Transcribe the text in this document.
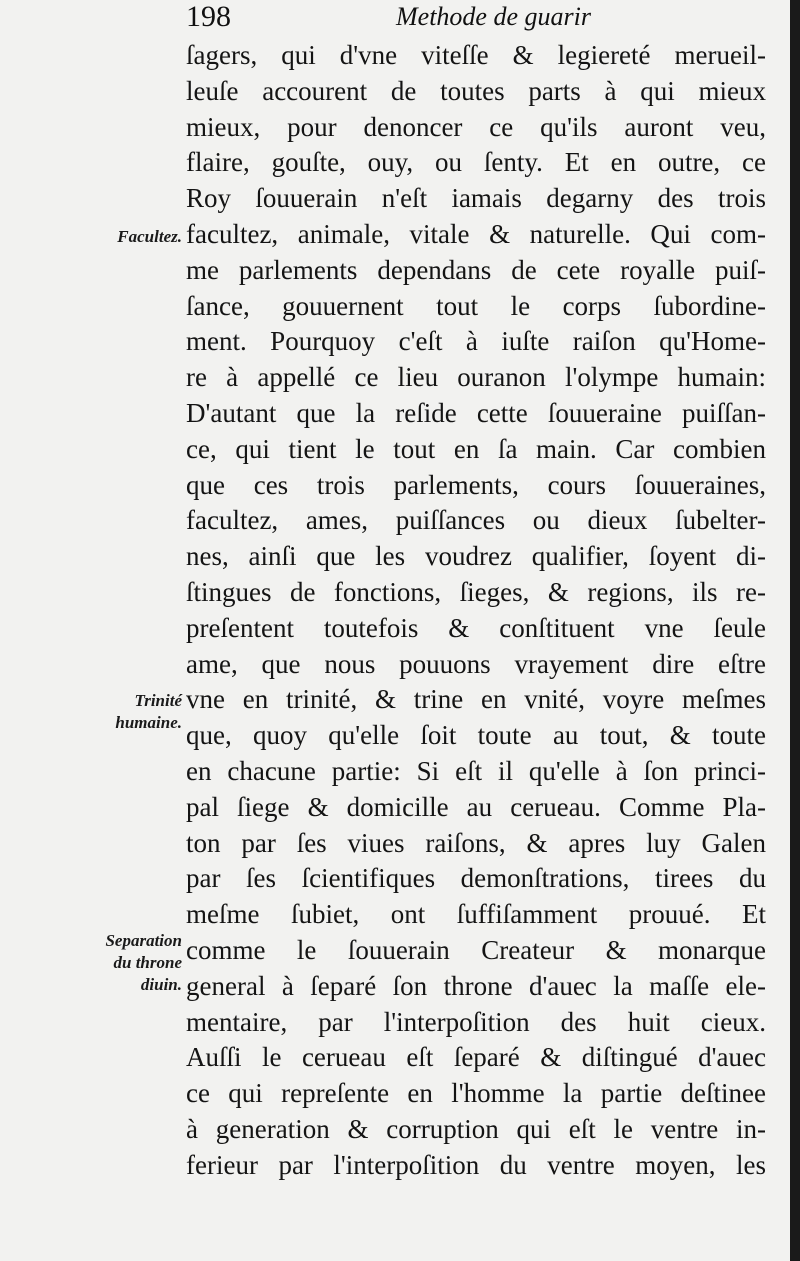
198	Methode de guarir
Facultez.
Trinité
humaine.
Separation
du throne
diuin.
ſagers, qui d'vne viteſſe & legiereté merueil-
leuſe accourent de toutes parts à qui mieux
mieux, pour denoncer ce qu'ils auront veu,
flaire, gouſte, ouy, ou ſenty. Et en outre, ce
Roy ſouuerain n'eſt iamais degarny des trois
facultez, animale, vitale & naturelle. Qui com-
me parlements dependans de cete royalle puiſ-
ſance, gouuernent tout le corps ſubordine-
ment. Pourquoy c'eſt à iuſte raiſon qu'Home-
re à appellé ce lieu ouranon l'olympe humain:
D'autant que la reſide cette ſouueraine puiſſan-
ce, qui tient le tout en ſa main. Car combien
que ces trois parlements, cours ſouueraines,
facultez, ames, puiſſances ou dieux ſubelter-
nes, ainſi que les voudrez qualifier, ſoyent di-
ſtingues de fonctions, ſieges, & regions, ils re-
preſentent toutefois & conſtituent vne ſeule
ame, que nous pouuons vrayement dire eſtre
vne en trinité, & trine en vnité, voyre meſmes
que, quoy qu'elle ſoit toute au tout, & toute
en chacune partie: Si eſt il qu'elle à ſon princi-
pal ſiege & domicille au cerueau. Comme Pla-
ton par ſes viues raiſons, & apres luy Galen
par ſes ſcientifiques demonſtrations, tirees du
meſme ſubiet, ont ſuffiſamment prouué. Et
comme le ſouuerain Createur & monarque
general à ſeparé ſon throne d'auec la maſſe ele-
mentaire, par l'interpoſition des huit cieux.
Auſſi le cerueau eſt ſeparé & diſtingué d'auec
ce qui repreſente en l'homme la partie deſtinee
à generation & corruption qui eſt le ventre in-
ferieur par l'interpoſition du ventre moyen, les
